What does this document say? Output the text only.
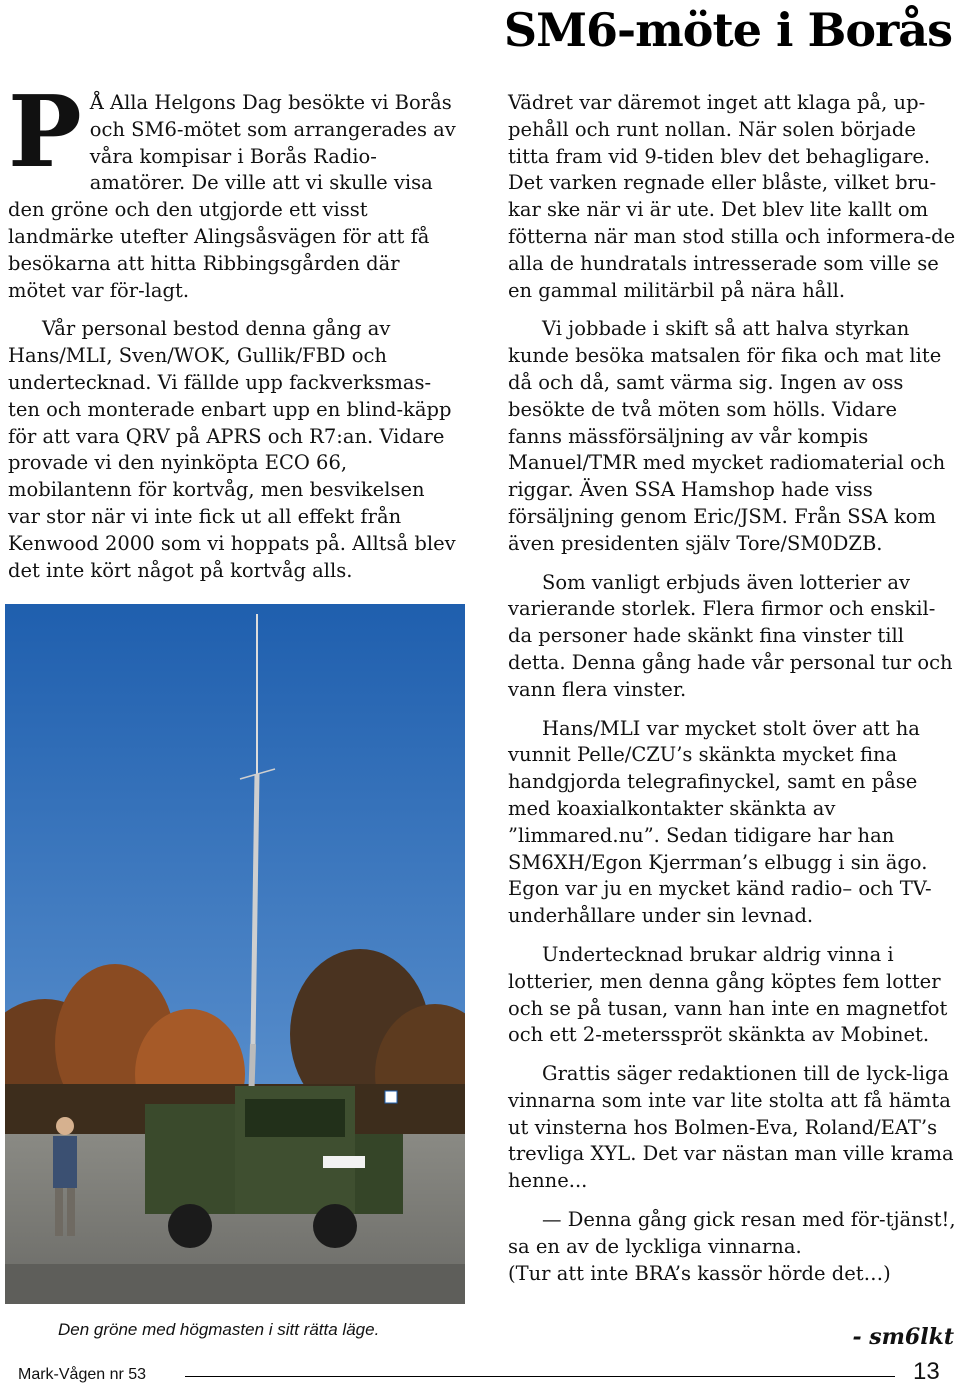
SM6-möte i Borås

P Å Alla Helgons Dag besökte vi Borås och SM6-mötet som arrangerades av våra kompisar i Borås Radio-amatörer. De ville att vi skulle visa den gröne och den utgjorde ett visst landmärke utefter Alingsåsvägen för att få besökarna att hitta Ribbingsgården där mötet var för-lagt.

Vår personal bestod denna gång av Hans/MLI, Sven/WOK, Gullik/FBD och undertecknad. Vi fällde upp fackverksmas-ten och monterade enbart upp en blind-käpp för att vara QRV på APRS och R7:an. Vidare provade vi den nyinköpta ECO 66, mobilantenn för kortvåg, men besvikelsen var stor när vi inte fick ut all effekt från Kenwood 2000 som vi hoppats på. Alltså blev det inte kört något på kortvåg alls.

Den gröne med högmasten i sitt rätta läge.

Vädret var däremot inget att klaga på, up-pehåll och runt nollan. När solen började titta fram vid 9-tiden blev det behagligare. Det varken regnade eller blåste, vilket bru-kar ske när vi är ute. Det blev lite kallt om fötterna när man stod stilla och informera-de alla de hundratals intresserade som ville se en gammal militärbil på nära håll.

Vi jobbade i skift så att halva styrkan kunde besöka matsalen för fika och mat lite då och då, samt värma sig. Ingen av oss besökte de två möten som hölls. Vidare fanns mässförsäljning av vår kompis Manuel/TMR med mycket radiomaterial och riggar. Även SSA Hamshop hade viss försäljning genom Eric/JSM. Från SSA kom även presidenten själv Tore/SM0DZB.

Som vanligt erbjuds även lotterier av varierande storlek. Flera firmor och enskil-da personer hade skänkt fina vinster till detta. Denna gång hade vår personal tur och vann flera vinster.

Hans/MLI var mycket stolt över att ha vunnit Pelle/CZU’s skänkta mycket fina handgjorda telegrafinyckel, samt en påse med koaxialkontakter skänkta av ”limmared.nu”. Sedan tidigare har han SM6XH/Egon Kjerrman’s elbugg i sin ägo. Egon var ju en mycket känd radio– och TV-underhållare under sin levnad.

Undertecknad brukar aldrig vinna i lotterier, men denna gång köptes fem lotter och se på tusan, vann han inte en magnetfot och ett 2-metersspröt skänkta av Mobinet.

Grattis säger redaktionen till de lyck-liga vinnarna som inte var lite stolta att få hämta ut vinsterna hos Bolmen-Eva, Roland/EAT’s trevliga XYL. Det var nästan man ville krama henne...

— Denna gång gick resan med för-tjänst!, sa en av de lyckliga vinnarna.

(Tur att inte BRA’s kassör hörde det…)

- sm6lkt
Mark-Vågen nr 53	13
